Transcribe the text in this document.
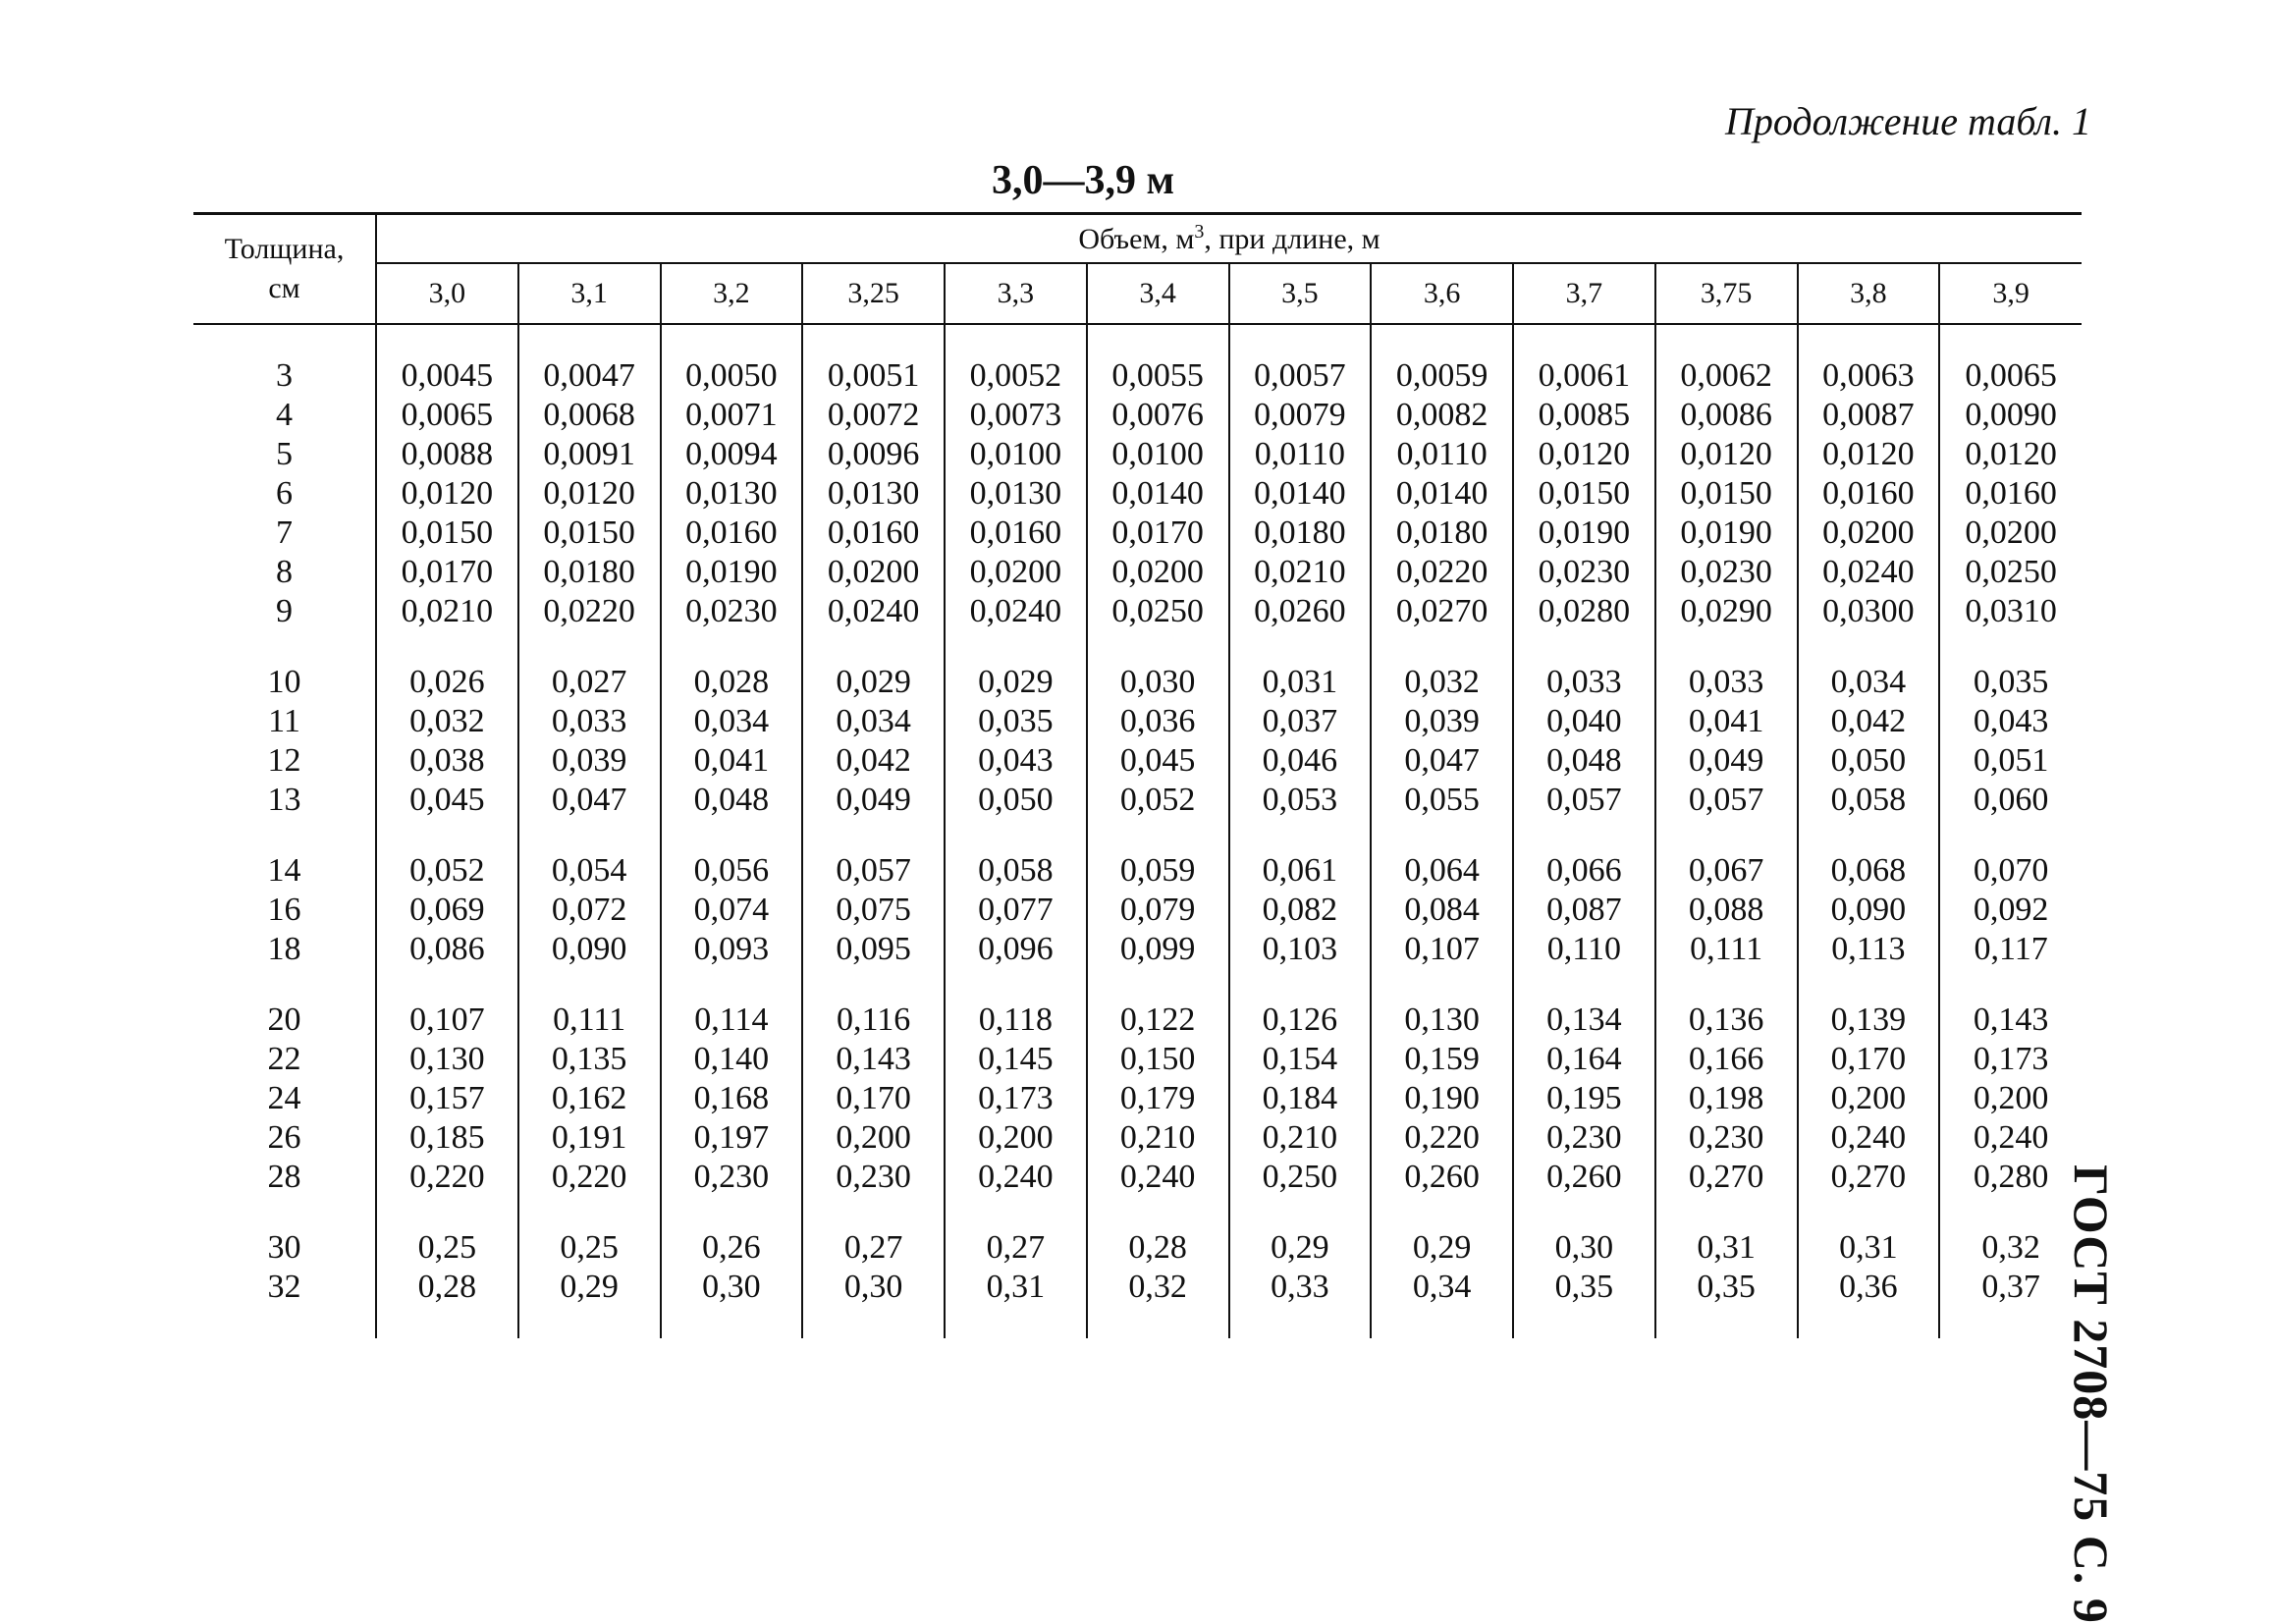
Продолжение табл. 1
3,0—3,9 м
ГОСТ 2708—75 С. 9
Толщина,
см	Объем, $м^3$, при длине, м											
	3,0	3,1	3,2	3,25	3,3	3,4	3,5	3,6	3,7	3,75	3,8	3,9

3	0,0045	0,0047	0,0050	0,0051	0,0052	0,0055	0,0057	0,0059	0,0061	0,0062	0,0063	0,0065
4	0,0065	0,0068	0,0071	0,0072	0,0073	0,0076	0,0079	0,0082	0,0085	0,0086	0,0087	0,0090
5	0,0088	0,0091	0,0094	0,0096	0,0100	0,0100	0,0110	0,0110	0,0120	0,0120	0,0120	0,0120
6	0,0120	0,0120	0,0130	0,0130	0,0130	0,0140	0,0140	0,0140	0,0150	0,0150	0,0160	0,0160
7	0,0150	0,0150	0,0160	0,0160	0,0160	0,0170	0,0180	0,0180	0,0190	0,0190	0,0200	0,0200
8	0,0170	0,0180	0,0190	0,0200	0,0200	0,0200	0,0210	0,0220	0,0230	0,0230	0,0240	0,0250
9	0,0210	0,0220	0,0230	0,0240	0,0240	0,0250	0,0260	0,0270	0,0280	0,0290	0,0300	0,0310

10	0,026	0,027	0,028	0,029	0,029	0,030	0,031	0,032	0,033	0,033	0,034	0,035
11	0,032	0,033	0,034	0,034	0,035	0,036	0,037	0,039	0,040	0,041	0,042	0,043
12	0,038	0,039	0,041	0,042	0,043	0,045	0,046	0,047	0,048	0,049	0,050	0,051
13	0,045	0,047	0,048	0,049	0,050	0,052	0,053	0,055	0,057	0,057	0,058	0,060

14	0,052	0,054	0,056	0,057	0,058	0,059	0,061	0,064	0,066	0,067	0,068	0,070
16	0,069	0,072	0,074	0,075	0,077	0,079	0,082	0,084	0,087	0,088	0,090	0,092
18	0,086	0,090	0,093	0,095	0,096	0,099	0,103	0,107	0,110	0,111	0,113	0,117

20	0,107	0,111	0,114	0,116	0,118	0,122	0,126	0,130	0,134	0,136	0,139	0,143
22	0,130	0,135	0,140	0,143	0,145	0,150	0,154	0,159	0,164	0,166	0,170	0,173
24	0,157	0,162	0,168	0,170	0,173	0,179	0,184	0,190	0,195	0,198	0,200	0,200
26	0,185	0,191	0,197	0,200	0,200	0,210	0,210	0,220	0,230	0,230	0,240	0,240
28	0,220	0,220	0,230	0,230	0,240	0,240	0,250	0,260	0,260	0,270	0,270	0,280

30	0,25	0,25	0,26	0,27	0,27	0,28	0,29	0,29	0,30	0,31	0,31	0,32
32	0,28	0,29	0,30	0,30	0,31	0,32	0,33	0,34	0,35	0,35	0,36	0,37
